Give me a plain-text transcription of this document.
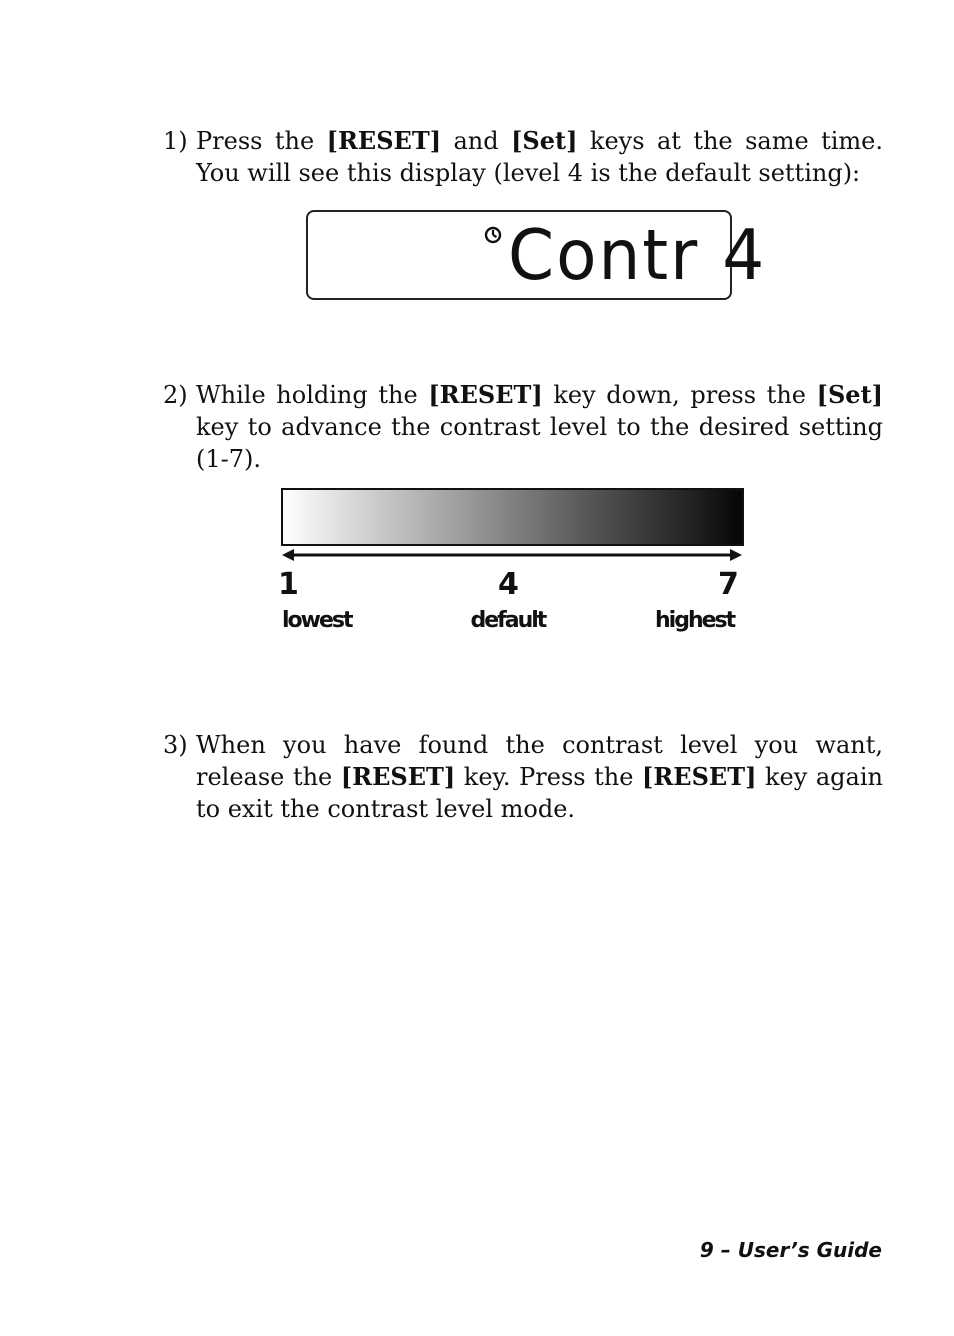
1) Press the [RESET] and [Set] keys at the same time. You will see this display (level 4 is the default setting):
Contr 4
2) While holding the [RESET] key down, press the [Set] key to advance the contrast level to the desired setting (1-7).
1
lowest
4
default
7
highest
3) When you have found the contrast level you want, release the [RESET] key. Press the [RESET] key again to exit the contrast level mode.
9 – User’s Guide
